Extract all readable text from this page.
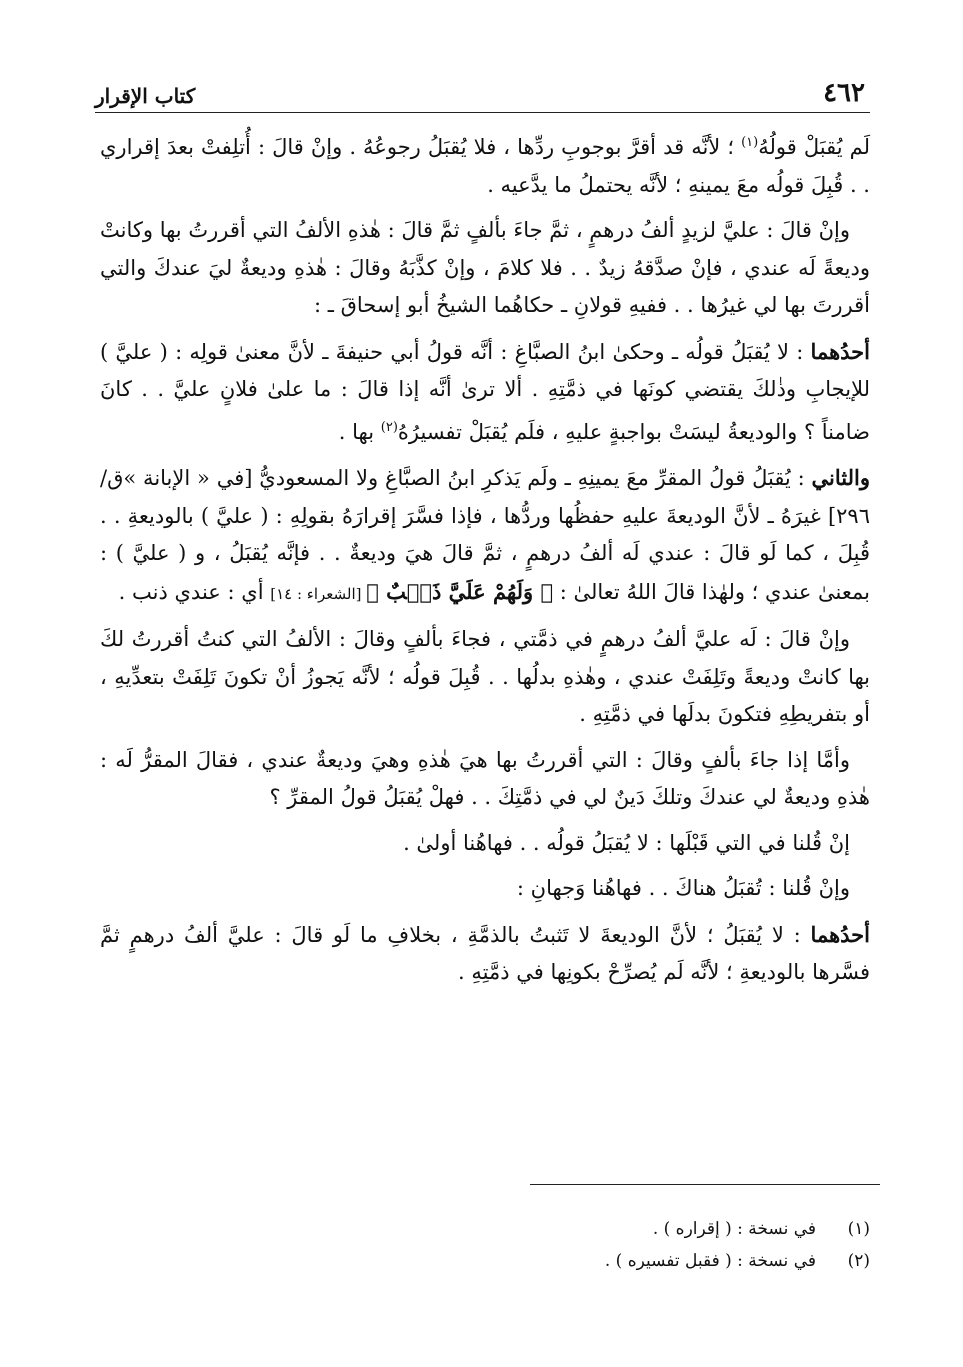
٤٦٢
كتاب الإقرار

لَم يُقبَلْ قولُهُ$^{(١)}$ ؛ لأنَّه قد أقرَّ بوجوبِ ردِّها ، فلا يُقبَلُ رجوعُهُ . وإنْ قالَ : أُتلِفتْ بعدَ إقراري . . قُبِلَ قولُه معَ يمينهِ ؛ لأنَّه يحتملُ ما يدَّعيه .

وإنْ قالَ : عليَّ لزيدٍ ألفُ درهمٍ ، ثمَّ جاءَ بألفٍ ثمَّ قالَ : هٰذهِ الألفُ التي أقررتُ بها وكانتْ وديعةً لَه عندي ، فإنْ صدَّقهُ زيدٌ . . فلا كلامَ ، وإنْ كذَّبَهُ وقالَ : هٰذهِ وديعةٌ ليَ عندكَ والتي أقررتَ بها لي غيرُها . . ففيهِ قولانِ ـ حكاهُما الشيخُ أبو إسحاقَ ـ :

أحدُهما : لا يُقبَلُ قولُه ـ وحكىٰ ابنُ الصبَّاغِ : أنَّه قولُ أبي حنيفةَ ـ لأنَّ معنىٰ قولِه : ( عليَّ ) للإيجابِ وذٰلكَ يقتضي كونَها في ذمَّتِهِ . ألا ترىٰ أنَّه إذا قالَ : ما علىٰ فلانٍ عليَّ . . كانَ ضامناً ؟ والوديعةُ ليسَتْ بواجبةٍ عليهِ ، فلَم يُقبَلْ تفسيرُهُ$^{(٢)}$ بها .

والثاني : يُقبَلُ قولُ المقرِّ معَ يمينِهِ ـ ولَم يَذكرِ ابنُ الصبَّاغِ ولا المسعوديُّ [في « الإبانة »ق/٢٩٦] غيرَهُ ـ لأنَّ الوديعةَ عليهِ حفظُها وردُّها ، فإذا فسَّرَ إقرارَهُ بقولِهِ : ( عليَّ ) بالوديعةِ . . قُبِلَ ، كما لَو قالَ : عندي لَه ألفُ درهمٍ ، ثمَّ قالَ هيَ وديعةٌ . . فإنَّه يُقبَلُ ، و ( عليَّ ) : بمعنىٰ عندي ؛ ولهٰذا قالَ اللهُ تعالىٰ : ﴿ وَلَهُمْ عَلَيَّ ذَنۢبٌ ﴾ [الشعراء : ١٤] أي : عندي ذنب .

وإنْ قالَ : لَه عليَّ ألفُ درهمٍ في ذمَّتي ، فجاءَ بألفٍ وقالَ : الألفُ التي كنتُ أقررتُ لكَ بها كانتْ وديعةً وتَلِفَتْ عندي ، وهٰذهِ بدلُها . . قُبِلَ قولُه ؛ لأنَّه يَجوزُ أنْ تكونَ تَلِفَتْ بتعدِّيهِ ، أو بتفريطِهِ فتكونَ بدلَها في ذمَّتِهِ .

وأمَّا إذا جاءَ بألفٍ وقالَ : التي أقررتُ بها هيَ هٰذهِ وهيَ وديعةٌ عندي ، فقالَ المقرُّ لَه : هٰذهِ وديعةٌ لي عندكَ وتلكَ دَينٌ لي في ذمَّتِكَ . . فهلْ يُقبَلُ قولُ المقرِّ ؟

إنْ قُلنا في التي قَبْلَها : لا يُقبَلُ قولُه . . فهاهُنا أولىٰ .

وإنْ قُلنا : تُقبَلُ هناكَ . . فهاهُنا وَجهانِ :

أحدُهما : لا يُقبَلُ ؛ لأنَّ الوديعةَ لا تَثبتُ بالذمَّةِ ، بخلافِ ما لَو قالَ : عليَّ ألفُ درهمٍ ثمَّ فسَّرها بالوديعةِ ؛ لأنَّه لَم يُصرِّحْ بكونِها في ذمَّتِهِ .

(١)
في نسخة : ( إقراره ) .
(٢)
في نسخة : ( فقبل تفسيره ) .
